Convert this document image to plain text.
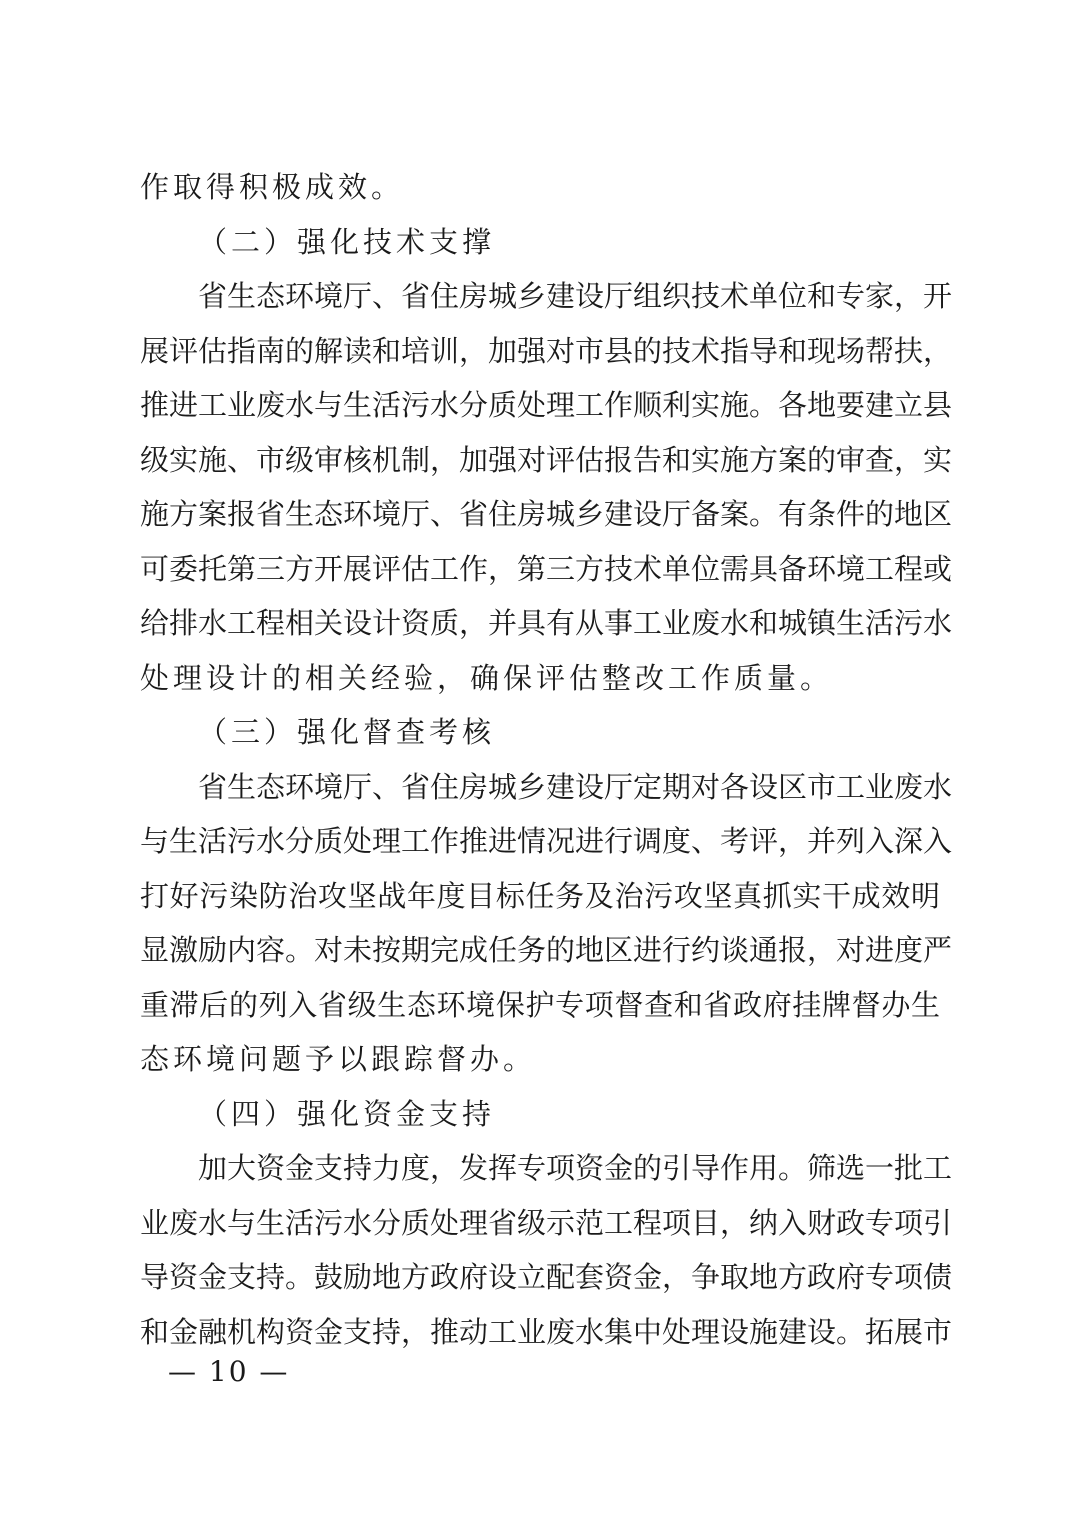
作取得积极成效。
（二）强化技术支撑
省生态环境厅、省住房城乡建设厅组织技术单位和专家，开
展评估指南的解读和培训，加强对市县的技术指导和现场帮扶，
推进工业废水与生活污水分质处理工作顺利实施。各地要建立县
级实施、市级审核机制，加强对评估报告和实施方案的审查，实
施方案报省生态环境厅、省住房城乡建设厅备案。有条件的地区
可委托第三方开展评估工作，第三方技术单位需具备环境工程或
给排水工程相关设计资质，并具有从事工业废水和城镇生活污水
处理设计的相关经验，确保评估整改工作质量。
（三）强化督查考核
省生态环境厅、省住房城乡建设厅定期对各设区市工业废水
与生活污水分质处理工作推进情况进行调度、考评，并列入深入
打好污染防治攻坚战年度目标任务及治污攻坚真抓实干成效明
显激励内容。对未按期完成任务的地区进行约谈通报，对进度严
重滞后的列入省级生态环境保护专项督查和省政府挂牌督办生
态环境问题予以跟踪督办。
（四）强化资金支持
加大资金支持力度，发挥专项资金的引导作用。筛选一批工
业废水与生活污水分质处理省级示范工程项目，纳入财政专项引
导资金支持。鼓励地方政府设立配套资金，争取地方政府专项债
和金融机构资金支持，推动工业废水集中处理设施建设。拓展市
— 10 —
